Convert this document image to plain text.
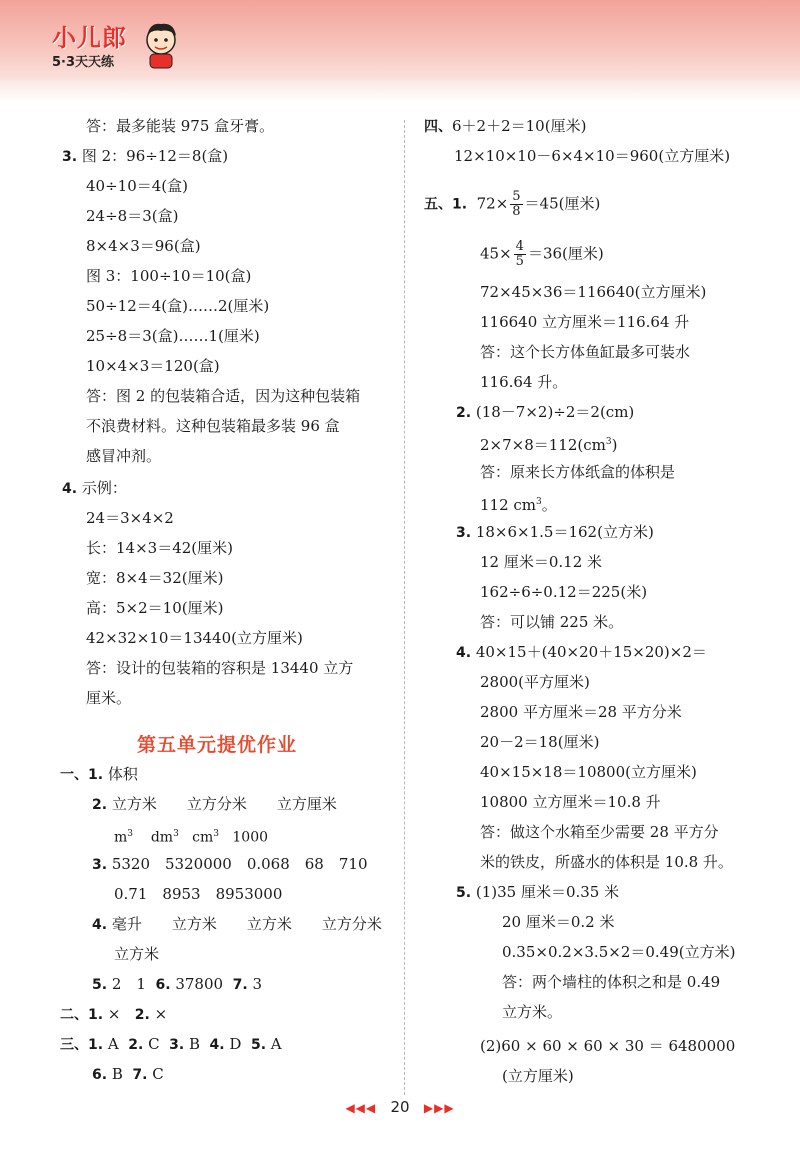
小儿郎
5·3天天练
答：最多能装 975 盒牙膏。
3. 图 2：96÷12＝8(盒)
40÷10＝4(盒)
24÷8＝3(盒)
8×4×3＝96(盒)
图 3：100÷10＝10(盒)
50÷12＝4(盒)……2(厘米)
25÷8＝3(盒)……1(厘米)
10×4×3＝120(盒)
答：图 2 的包装箱合适，因为这种包装箱
不浪费材料。这种包装箱最多装 96 盒
感冒冲剂。
4. 示例：
24＝3×4×2
长：14×3＝42(厘米)
宽：8×4＝32(厘米)
高：5×2＝10(厘米)
42×32×10＝13440(立方厘米)
答：设计的包装箱的容积是 13440 立方
厘米。
第五单元提优作业
一、1. 体积
2. 立方米　　立方分米　　立方厘米
$m^3$ $dm^3$ $cm^3$ 1000
3. 5320　5320000　0.068　68　710
0.71　8953　8953000
4. 毫升　　立方米　　立方米　　立方分米
立方米
5. 2　1 6. 37800 7. 3
二、1. × 2. ×
三、1. A 2. C 3. B 4. D 5. A
6. B 7. C
四、6＋2＋2＝10(厘米)
12×10×10－6×4×10＝960(立方厘米)
五、1. $72\times \frac{5}{8} =45$(厘米)
$45\times \frac{4}{5} =36$(厘米)
72×45×36＝116640(立方厘米)
116640 立方厘米＝116.64 升
答：这个长方体鱼缸最多可装水
116.64 升。
2. (18－7×2)÷2＝2(cm)
$2\times 7\times 8=112(cm^3)$
答：原来长方体纸盒的体积是
112 $cm^3$。
3. 18×6×1.5＝162(立方米)
12 厘米＝0.12 米
162÷6÷0.12＝225(米)
答：可以铺 225 米。
4. 40×15＋(40×20＋15×20)×2＝
2800(平方厘米)
2800 平方厘米＝28 平方分米
20－2＝18(厘米)
40×15×18＝10800(立方厘米)
10800 立方厘米＝10.8 升
答：做这个水箱至少需要 28 平方分
米的铁皮，所盛水的体积是 10.8 升。
5. (1)35 厘米＝0.35 米
20 厘米＝0.2 米
0.35×0.2×3.5×2＝0.49(立方米)
答：两个墙柱的体积之和是 0.49
立方米。
(2)60 × 60 × 60 × 30 ＝ 6480000
(立方厘米)
◀◀◀ 20 ▶▶▶
